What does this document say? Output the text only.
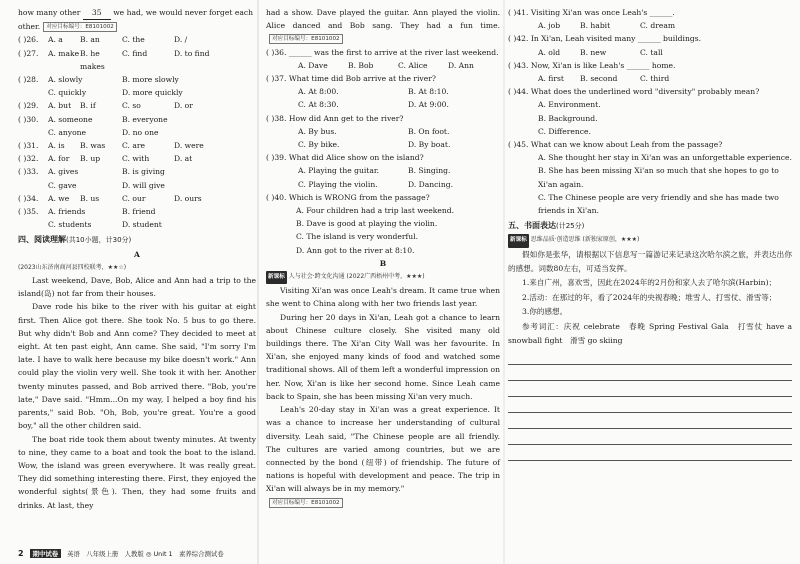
how many other 35 we had, we would never forget each

other. 对应目标编号：E8101002

( )26.	A. a	B. an	C. the	D. /
( )27.	A. make B. he makes
C. find	D. to find
( )28.	A. slowly	B. more slowly
C. quickly	D. more quickly
( )29.	A. but	B. if	C. so	D. or
( )30.	A. someone	B. everyone
C. anyone	D. no one
( )31.	A. is	B. was	C. are	D. were
( )32.	A. for	B. up	C. with	D. at
( )33.	A. gives	B. is giving
C. gave	D. will give
( )34.	A. we	B. us	C. our	D. ours
( )35.	A. friends	B. friend
C. students	D. student
四、阅读理解(共10小题，计30分)
A
(2023山东济南商河县四校联考，★★☆)

Last weekend, Dave, Bob, Alice and Ann had a trip to the island(岛) not far from their houses.

Dave rode his bike to the river with his guitar at eight first. Then Alice got there. She took No. 5 bus to go there. But why didn't Bob and Ann come? They decided to meet at eight. At ten past eight, Ann came. She said, "I'm sorry I'm late. I have to walk here because my bike doesn't work." Ann could play the violin very well. She took it with her. Another twenty minutes passed, and Bob arrived there. "Bob, you're late," Dave said. "Hmm...On my way, I helped a boy find his parents," said Bob. "Oh, Bob, you're great. You're a good boy," all the other children said.

The boat ride took them about twenty minutes. At twenty to nine, they came to a boat and took the boat to the island. Wow, the island was green everywhere. It was really great. They did something interesting there. First, they enjoyed the wonderful sights(景色). Then, they had some fruits and drinks. At last, they

had a show. Dave played the guitar. Ann played the violin. Alice danced and Bob sang. They had a fun time.对应目标编号：E8101002

( )36. ______ was the first to arrive at the river last weekend.

A. Dave	B. Bob	C. Alice	D. Ann

( )37. What time did Bob arrive at the river?

A. At 8:00.	B. At 8:10.
C. At 8:30.	D. At 9:00.

( )38. How did Ann get to the river?

A. By bus.	B. On foot.
C. By bike.	D. By boat.

( )39. What did Alice show on the island?

A. Playing the guitar.	B. Singing.
C. Playing the violin.	D. Dancing.

( )40. Which is WRONG from the passage?

A. Four children had a trip last weekend.

B. Dave is good at playing the violin.

C. The island is very wonderful.

D. Ann got to the river at 8:10.

B
新课标 人与社会·跨文化沟通 (2022广西梧州中考，★★★)

Visiting Xi'an was once Leah's dream. It came true when she went to China along with her two friends last year.

During her 20 days in Xi'an, Leah got a chance to learn about Chinese culture closely. She visited many old buildings there. The Xi'an City Wall was her favourite. In Xi'an, she enjoyed many kinds of food and watched some traditional shows. All of them left a wonderful impression on her. Now, Xi'an is like her second home. Since Leah came back to Spain, she has been missing Xi'an very much.

Leah's 20-day stay in Xi'an was a great experience. It was a chance to increase her understanding of cultural diversity. Leah said, "The Chinese people are all friendly. The cultures are varied among countries, but we are connected by the bond (纽带) of friendship. The future of nations is hopeful with development and peace. The trip in Xi'an will always be in my memory."

对应目标编号：E8101002

( )41. Visiting Xi'an was once Leah's ______.

A. job	B. habit	C. dream

( )42. In Xi'an, Leah visited many ______ buildings.

A. old	B. new	C. tall

( )43. Now, Xi'an is like Leah's ______ home.

A. first	B. second	C. third

( )44. What does the underlined word "diversity" probably mean?

A. Environment.

B. Background.

C. Difference.

( )45. What can we know about Leah from the passage?

A. She thought her stay in Xi'an was an unforgettable experience.

B. She has been missing Xi'an so much that she hopes to go to Xi'an again.

C. The Chinese people are very friendly and she has made two friends in Xi'an.

五、书面表达(计25分)
新课标 思维品质·创造思维 (新独家原创，★★★)

假如你是张华，请根据以下信息写一篇游记来记录这次哈尔滨之旅，并表达出你的感想。词数80左右，可适当发挥。

1.来自广州，喜欢雪，因此在2024年的2月份和家人去了哈尔滨(Harbin)；

2.活动：在那过的年，看了2024年的央视春晚；堆雪人、打雪仗、滑雪等；

3.你的感想。

参考词汇：庆祝 celebrate　春晚 Spring Festival Gala　打雪仗 have a snowball fight　滑雪 go skiing

2	期中试卷	英语　八年级上册　人教版 ◎ Unit 1　素养综合测试卷
